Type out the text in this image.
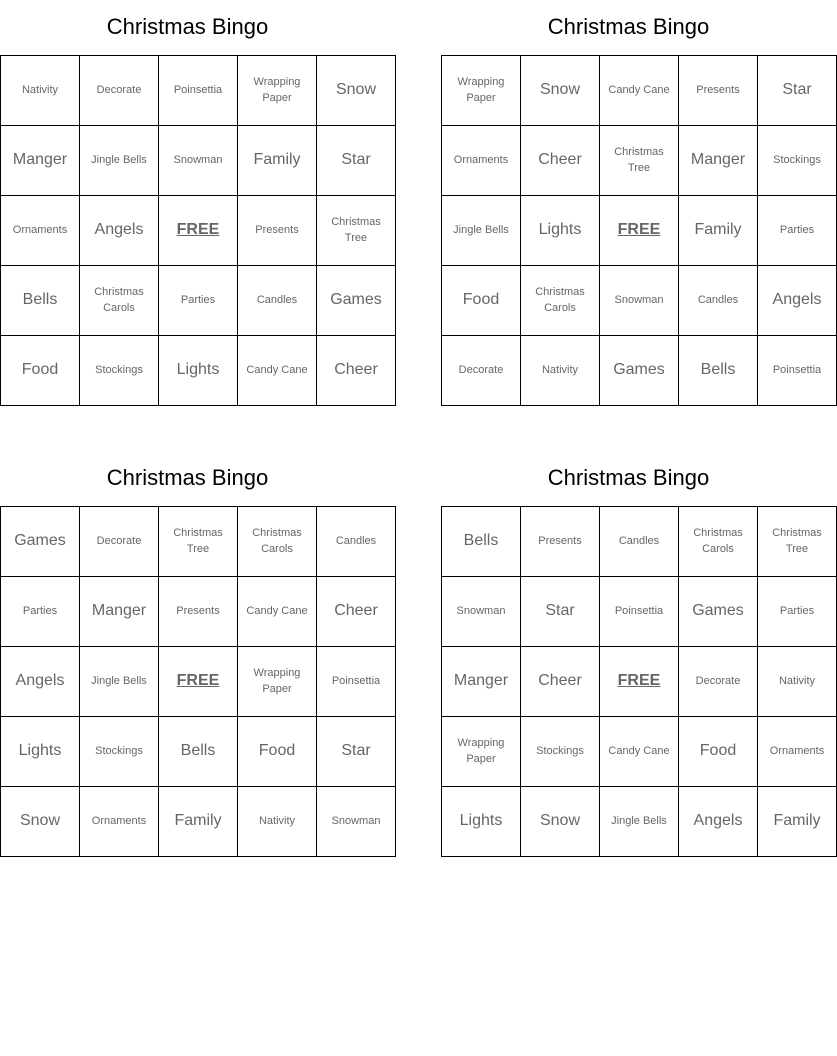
Christmas Bingo
Nativity	Decorate	Poinsettia	Wrapping Paper	Snow
Manger	Jingle Bells	Snowman	Family	Star
Ornaments	Angels	FREE	Presents	Christmas Tree
Bells	Christmas Carols	Parties	Candles	Games
Food	Stockings	Lights	Candy Cane	Cheer
Christmas Bingo
Wrapping Paper	Snow	Candy Cane	Presents	Star
Ornaments	Cheer	Christmas Tree	Manger	Stockings
Jingle Bells	Lights	FREE	Family	Parties
Food	Christmas Carols	Snowman	Candles	Angels
Decorate	Nativity	Games	Bells	Poinsettia
Christmas Bingo
Games	Decorate	Christmas Tree	Christmas Carols	Candles
Parties	Manger	Presents	Candy Cane	Cheer
Angels	Jingle Bells	FREE	Wrapping Paper	Poinsettia
Lights	Stockings	Bells	Food	Star
Snow	Ornaments	Family	Nativity	Snowman
Christmas Bingo
Bells	Presents	Candles	Christmas Carols	Christmas Tree
Snowman	Star	Poinsettia	Games	Parties
Manger	Cheer	FREE	Decorate	Nativity
Wrapping Paper	Stockings	Candy Cane	Food	Ornaments
Lights	Snow	Jingle Bells	Angels	Family
